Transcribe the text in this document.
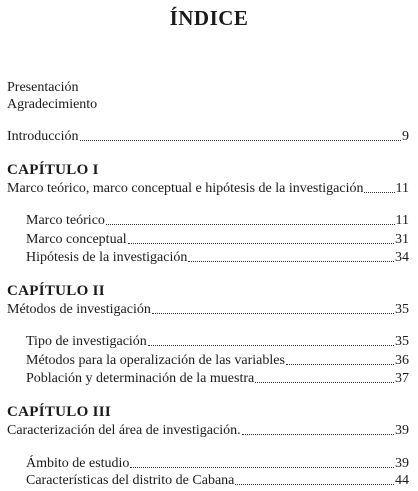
ÍNDICE
Presentación
Agradecimiento
Introducción	9
CAPÍTULO I
Marco teórico, marco conceptual e hipótesis de la investigación 11
Marco teórico	11
Marco conceptual	31
Hipótesis de la investigación	34
CAPÍTULO II
Métodos de investigación	35
Tipo de investigación	35
Métodos para la operalización de las variables	36
Población y determinación de la muestra	37
CAPÍTULO III
Caracterización del área de investigación.	39
Ámbito de estudio	39
Características del distrito de Cabana	44
